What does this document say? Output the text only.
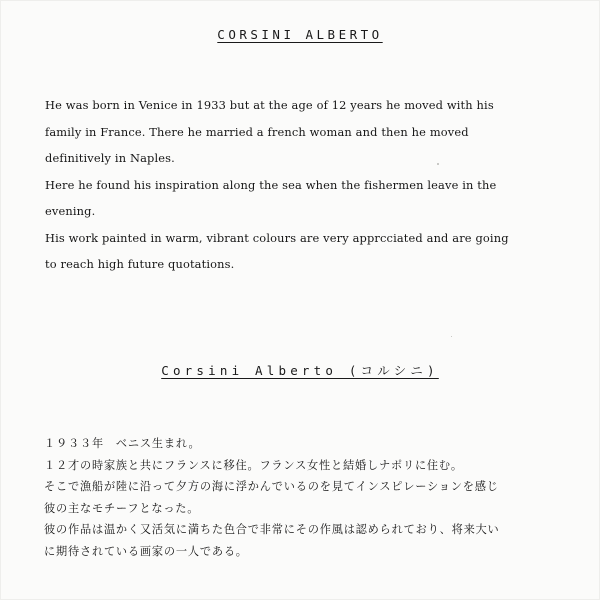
CORSINI ALBERTO
He was born in Venice in 1933 but at the age of 12 years he moved with his
family in France. There he married a french woman and then he moved
definitively in Naples.
Here he found his inspiration along the sea when the fishermen leave in the
evening.
His work painted in warm, vibrant colours are very apprcciated and are going
to reach high future quotations.
Corsini Alberto (コルシニ)
１９３３年　ベニス生まれ。
１２才の時家族と共にフランスに移住。フランス女性と結婚しナポリに住む。
そこで漁船が陸に沿って夕方の海に浮かんでいるのを見てインスピレーションを感じ
彼の主なモチーフとなった。
彼の作品は温かく又活気に満ちた色合で非常にその作風は認められており、将来大い
に期待されている画家の一人である。
